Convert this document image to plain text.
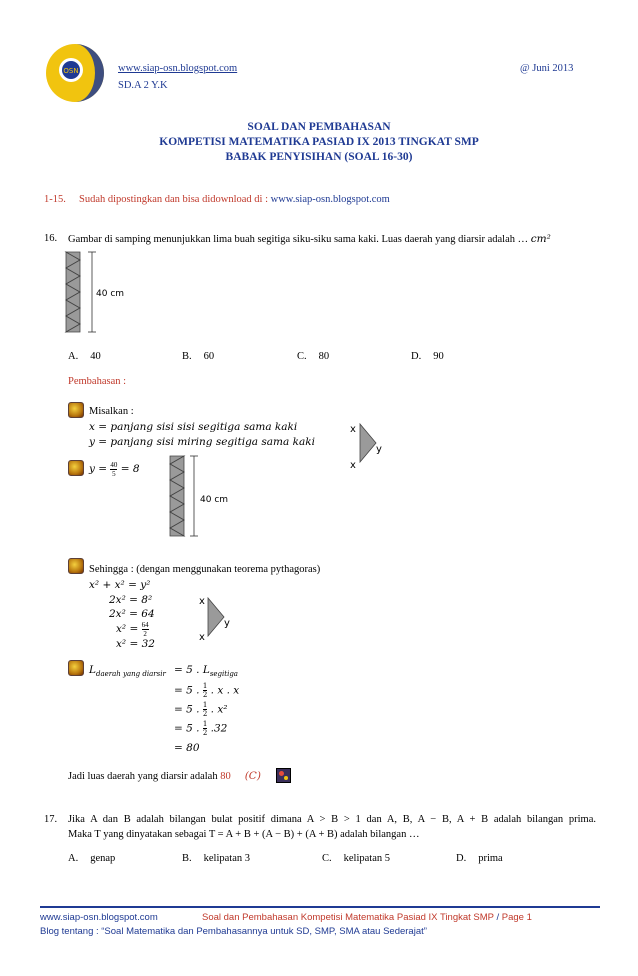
OSN	www.siap-osn.blogspot.com
SD.A 2 Y.K
@ Juni 2013
SOAL DAN PEMBAHASAN
KOMPETISI MATEMATIKA PASIAD IX 2013 TINGKAT SMP
BABAK PENYISIHAN (SOAL 16-30)
1-15. Sudah dipostingkan dan bisa didownload di : www.siap-osn.blogspot.com
16. Gambar di samping menunjukkan lima buah segitiga siku-siku sama kaki. Luas daerah yang diarsir adalah … cm²
40 cm
A. 40	B. 60	C. 80	D. 90
Pembahasan :
Misalkan :
x = panjang sisi sisi segitiga sama kaki
y = panjang sisi miring segitiga sama kaki
x
x
y
$y = \frac{40}{5} = 8$
40 cm
Sehingga : (dengan menggunakan teorema pythagoras)
x² + x² = y²
2x² = 8²
2x² = 64
$x^2 = \frac{64}{2}$
x² = 32
x
x
y
$L_{daerah yang diarsir} = 5$ . $L_{segitiga}$
= 5 . $\frac{1}{2}$ . x . x
= 5 . $\frac{1}{2}$ . x²
= 5 . $\frac{1}{2} .32$
= 80
Jadi luas daerah yang diarsir adalah 80 (C)
17. Jika A dan B adalah bilangan bulat positif dimana A > B > 1 dan A, B, A − B, A + B adalah bilangan prima.
Maka T yang dinyatakan sebagai T = A + B + (A − B) + (A + B) adalah bilangan …
A. genap	B. kelipatan 3	C. kelipatan 5	D. prima
www.siap-osn.blogspot.com	Soal dan Pembahasan Kompetisi Matematika Pasiad IX Tingkat SMP / Page 1
Blog tentang : “Soal Matematika dan Pembahasannya untuk SD, SMP, SMA atau Sederajat”
